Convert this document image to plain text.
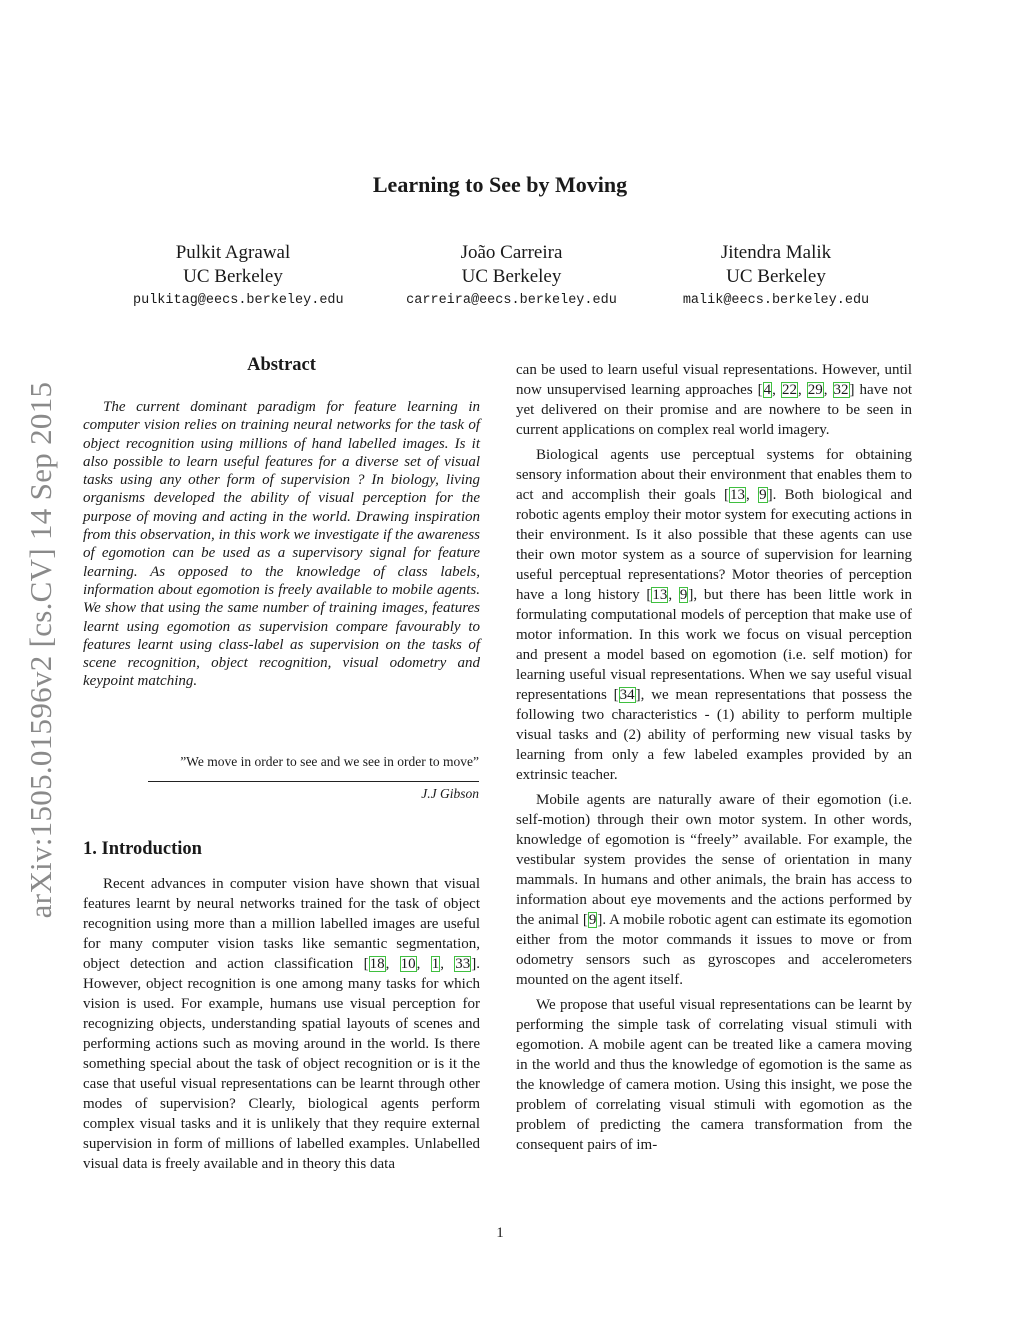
Learning to See by Moving
Pulkit Agrawal
UC Berkeley
pulkitag@eecs.berkeley.edu
João Carreira
UC Berkeley
carreira@eecs.berkeley.edu
Jitendra Malik
UC Berkeley
malik@eecs.berkeley.edu
arXiv:1505.01596v2 [cs.CV] 14 Sep 2015
Abstract
The current dominant paradigm for feature learning in computer vision relies on training neural networks for the task of object recognition using millions of hand labelled images. Is it also possible to learn useful features for a diverse set of visual tasks using any other form of supervision ? In biology, living organisms developed the ability of visual perception for the purpose of moving and acting in the world. Drawing inspiration from this observation, in this work we investigate if the awareness of egomotion can be used as a supervisory signal for feature learning. As opposed to the knowledge of class labels, information about egomotion is freely available to mobile agents. We show that using the same number of training images, features learnt using egomotion as supervision compare favourably to features learnt using class-label as supervision on the tasks of scene recognition, object recognition, visual odometry and keypoint matching.
”We move in order to see and we see in order to move”
J.J Gibson
1. Introduction

Recent advances in computer vision have shown that visual features learnt by neural networks trained for the task of object recognition using more than a million labelled images are useful for many computer vision tasks like semantic segmentation, object detection and action classification [18, 10, 1, 33]. However, object recognition is one among many tasks for which vision is used. For example, humans use visual perception for recognizing objects, understanding spatial layouts of scenes and performing actions such as moving around in the world. Is there something special about the task of object recognition or is it the case that useful visual representations can be learnt through other modes of supervision? Clearly, biological agents perform complex visual tasks and it is unlikely that they require external supervision in form of millions of labelled examples. Unlabelled visual data is freely available and in theory this data

can be used to learn useful visual representations. However, until now unsupervised learning approaches [4, 22, 29, 32] have not yet delivered on their promise and are nowhere to be seen in current applications on complex real world imagery.

Biological agents use perceptual systems for obtaining sensory information about their environment that enables them to act and accomplish their goals [13, 9]. Both biological and robotic agents employ their motor system for executing actions in their environment. Is it also possible that these agents can use their own motor system as a source of supervision for learning useful perceptual representations? Motor theories of perception have a long history [13, 9], but there has been little work in formulating computational models of perception that make use of motor information. In this work we focus on visual perception and present a model based on egomotion (i.e. self motion) for learning useful visual representations. When we say useful visual representations [34], we mean representations that possess the following two characteristics - (1) ability to perform multiple visual tasks and (2) ability of performing new visual tasks by learning from only a few labeled examples provided by an extrinsic teacher.

Mobile agents are naturally aware of their egomotion (i.e. self-motion) through their own motor system. In other words, knowledge of egomotion is “freely” available. For example, the vestibular system provides the sense of orientation in many mammals. In humans and other animals, the brain has access to information about eye movements and the actions performed by the animal [9]. A mobile robotic agent can estimate its egomotion either from the motor commands it issues to move or from odometry sensors such as gyroscopes and accelerometers mounted on the agent itself.

We propose that useful visual representations can be learnt by performing the simple task of correlating visual stimuli with egomotion. A mobile agent can be treated like a camera moving in the world and thus the knowledge of egomotion is the same as the knowledge of camera motion. Using this insight, we pose the problem of correlating visual stimuli with egomotion as the problem of predicting the camera transformation from the consequent pairs of im-

1
